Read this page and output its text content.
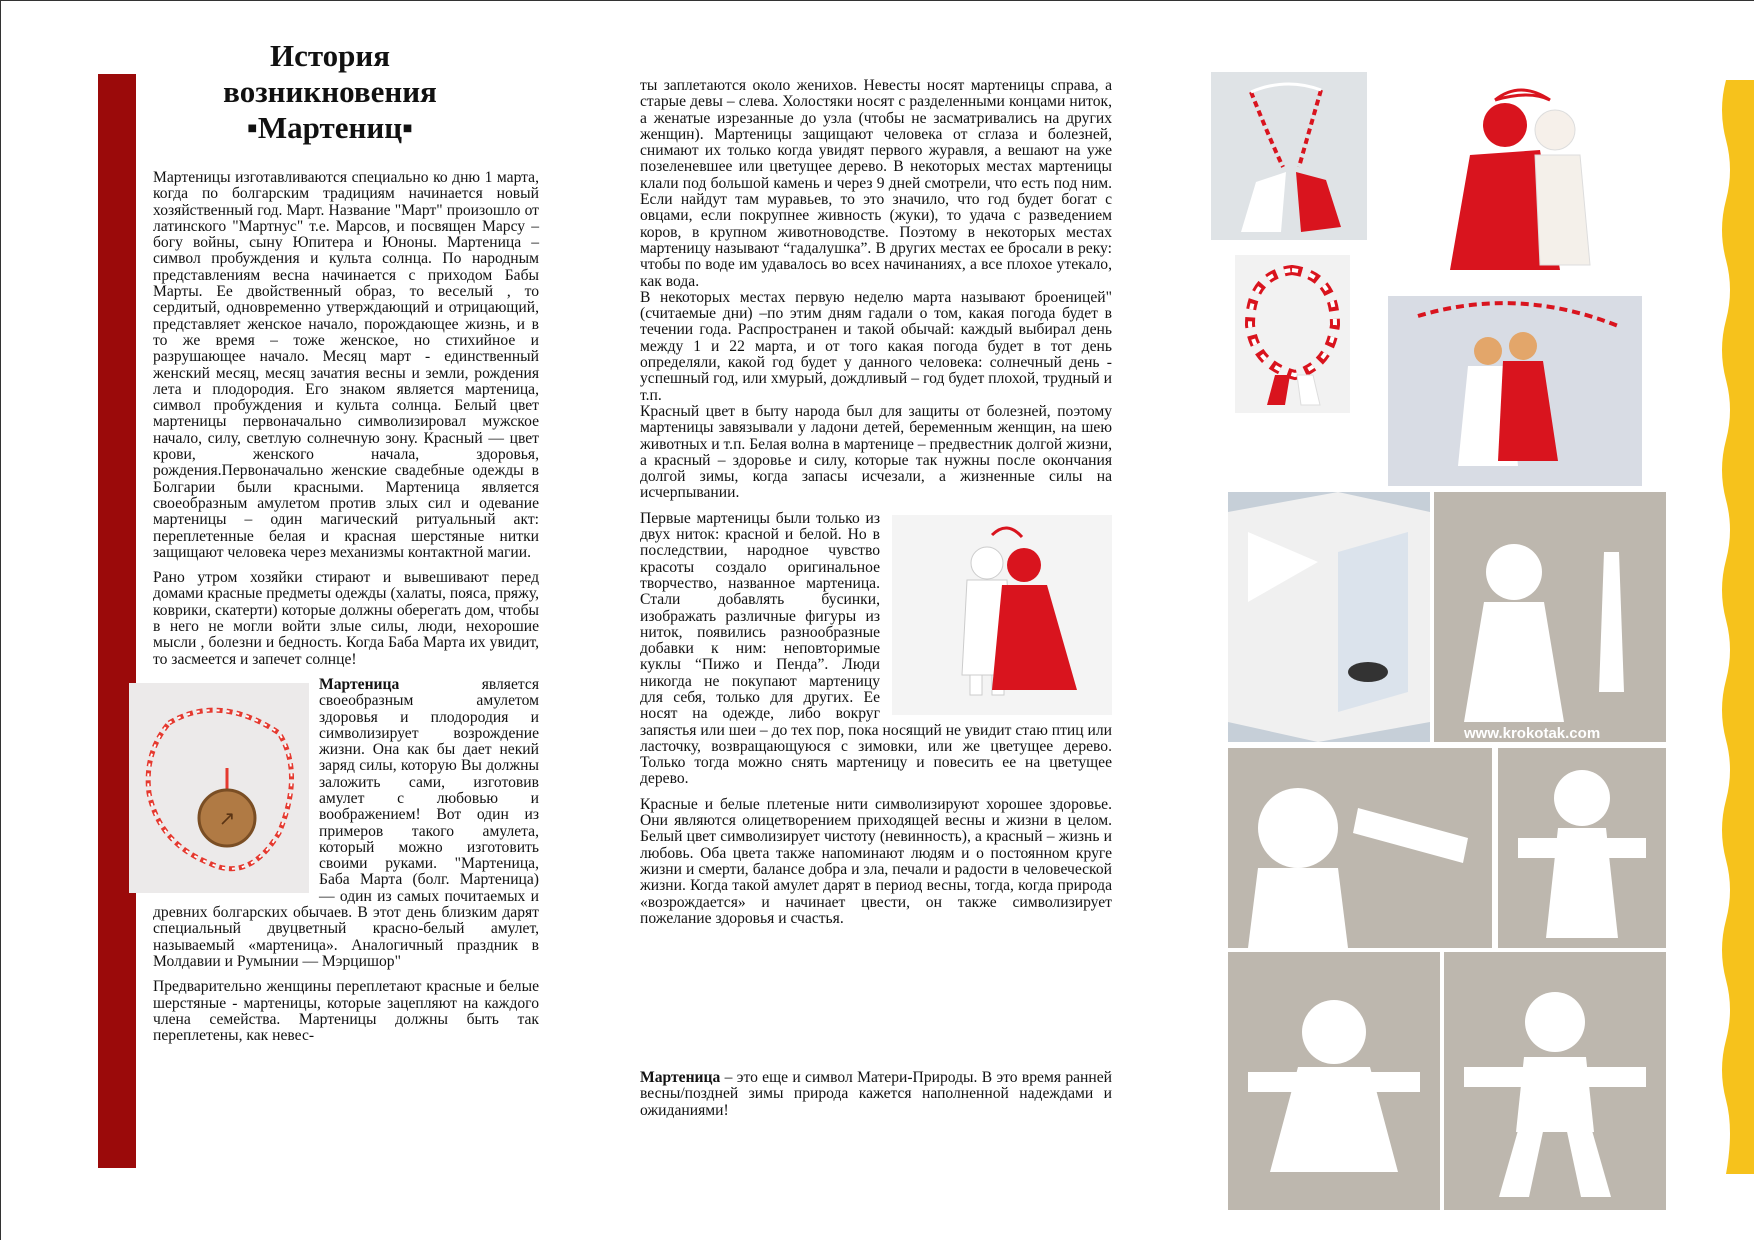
История
возникновения
▪Мартениц▪

Мартеницы изготавливаются специально ко дню 1 марта, когда по болгарским традициям начинается новый хозяйственный год. Март. Название "Март" произошло от латинского "Мартнус" т.е. Марсов, и посвящен Марсу – богу войны, сыну Юпитера и Юноны. Мартеница – символ пробуждения и культа солнца. По народным представлениям весна начинается с приходом Бабы Марты. Ее двойственный образ, то веселый , то сердитый, одновременно утверждающий и отрицающий, представляет женское начало, порождающее жизнь, и в то же время – тоже женское, но стихийное и разрушающее начало. Месяц март - единственный женский месяц, месяц зачатия весны и земли, рождения лета и плодородия. Его знаком является мартеница, символ пробуждения и культа солнца. Белый цвет мартеницы первоначально символизировал мужское начало, силу, светлую солнечную зону. Красный — цвет крови, женского начала, здоровья, рождения.Первоначально женские свадебные одежды в Болгарии были красными. Мартеница является своеобразным амулетом против злых сил и одевание мартеницы – один магический ритуальный акт: переплетенные белая и красная шерстяные нитки защищают человека через механизмы контактной магии.

Рано утром хозяйки стирают и вывешивают перед домами красные предметы одежды (халаты, пояса, пряжу, коврики, скатерти) которые должны оберегать дом, чтобы в него не могли войти злые силы, люди, нехорошие мысли , болезни и бедность. Когда Баба Марта их увидит, то засмеется и запечет солнце!

↗
Мартеница является своеобразным амулетом здоровья и плодородия и символизирует возрождение жизни. Она как бы дает некий заряд силы, которую Вы должны заложить сами, изготовив амулет с любовью и воображением! Вот один из примеров такого амулета, который можно изготовить своими руками. "Мартеница, Баба Марта (болг. Мартеница) — один из самых почитаемых и древних болгарских обычаев. В этот день близким дарят специальный двуцветный красно-белый амулет, называемый «мартеница». Аналогичный праздник в Молдавии и Румынии — Мэрцишор"

Предварительно женщины переплетают красные и белые шерстяные - мартеницы, которые зацепляют на каждого члена семейства. Мартеницы должны быть так переплетены, как невес-

ты заплетаются около женихов. Невесты носят мартеницы справа, а старые девы – слева. Холостяки носят с разделенными концами ниток, а женатые изрезанные до узла (чтобы не засматривались на других женщин). Мартеницы защищают человека от сглаза и болезней, снимают их только когда увидят первого журавля, а вешают на уже позеленевшее или цветущее дерево. В некоторых местах мартеницы клали под большой камень и через 9 дней смотрели, что есть под ним. Если найдут там муравьев, то это значило, что год будет богат с овцами, если покрупнее живность (жуки), то удача с разведением коров, в крупном животноводстве. Поэтому в некоторых местах мартеницу называют “гадалушка”. В других местах ее бросали в реку: чтобы по воде им удавалось во всех начинаниях, а все плохое утекало, как вода.

В некоторых местах первую неделю марта называют броеницей" (считаемые дни) –по этим дням гадали о том, какая погода будет в течении года. Распространен и такой обычай: каждый выбирал день между 1 и 22 марта, и от того какая погода будет в тот день определяли, какой год будет у данного человека: солнечный день - успешный год, или хмурый, дождливый – год будет плохой, трудный и т.п.

Красный цвет в быту народа был для защиты от болезней, поэтому мартеницы завязывали у ладони детей, беременным женщин, на шею животных и т.п. Белая волна в мартенице – предвестник долгой жизни, а красный – здоровье и силу, которые так нужны после окончания долгой зимы, когда запасы исчезали, а жизненные силы на исчерпывании.

Первые мартеницы были только из двух ниток: красной и белой. Но в последствии, народное чувство красоты создало оригинальное творчество, названное мартеница. Стали добавлять бусинки, изображать различные фигуры из ниток, появились разнообразные добавки к ним: неповторимые куклы “Пижо и Пенда”. Люди никогда не покупают мартеницу для себя, только для других. Ее носят на одежде, либо вокруг запястья или шеи – до тех пор, пока носящий не увидит стаю птиц или ласточку, возвращающуюся с зимовки, или же цветущее дерево. Только тогда можно снять мартеницу и повесить ее на цветущее дерево.

Красные и белые плетеные нити символизируют хорошее здоровье. Они являются олицетворением приходящей весны и жизни в целом. Белый цвет символизирует чистоту (невинность), а красный – жизнь и любовь. Оба цвета также напоминают людям и о постоянном круге жизни и смерти, балансе добра и зла, печали и радости в человеческой жизни. Когда такой амулет дарят в период весны, тогда, когда природа «возрождается» и начинает цвести, он также символизирует пожелание здоровья и счастья.

Мартеница – это еще и символ Матери-Природы. В это время ранней весны/поздней зимы природа кажется наполненной надеждами и ожиданиями!
www.krokotak.com
